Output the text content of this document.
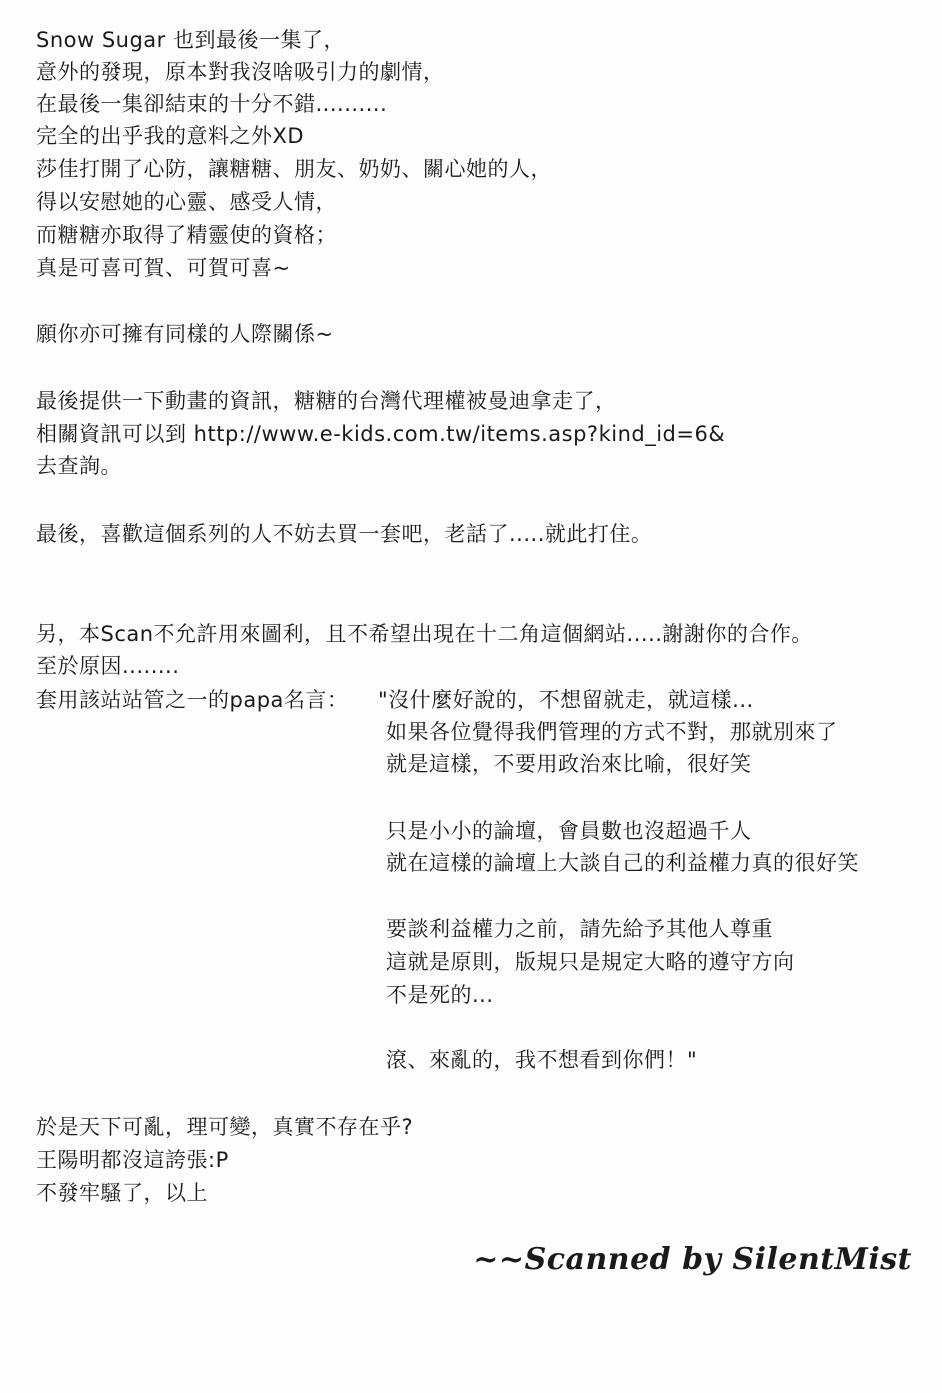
Snow Sugar 也到最後一集了，
意外的發現，原本對我沒啥吸引力的劇情，
在最後一集卻結束的十分不錯..........
完全的出乎我的意料之外XD
莎佳打開了心防，讓糖糖、朋友、奶奶、關心她的人，
得以安慰她的心靈、感受人情，
而糖糖亦取得了精靈使的資格；
真是可喜可賀、可賀可喜~
願你亦可擁有同樣的人際關係~
最後提供一下動畫的資訊，糖糖的台灣代理權被曼迪拿走了，
相關資訊可以到 http://www.e-kids.com.tw/items.asp?kind_id=6&
去查詢。
最後，喜歡這個系列的人不妨去買一套吧，老話了.....就此打住。
另，本Scan不允許用來圖利，且不希望出現在十二角這個網站.....謝謝你的合作。
至於原因........
套用該站站管之一的papa名言： "沒什麼好說的，不想留就走，就這樣...
如果各位覺得我們管理的方式不對，那就別來了
就是這樣，不要用政治來比喻，很好笑
只是小小的論壇，會員數也沒超過千人
就在這樣的論壇上大談自己的利益權力真的很好笑
要談利益權力之前，請先給予其他人尊重
這就是原則，版規只是規定大略的遵守方向
不是死的...
滾、來亂的，我不想看到你們！"
於是天下可亂，理可變，真實不存在乎?
王陽明都沒這誇張:P
不發牢騷了，以上
~~Scanned by SilentMist
